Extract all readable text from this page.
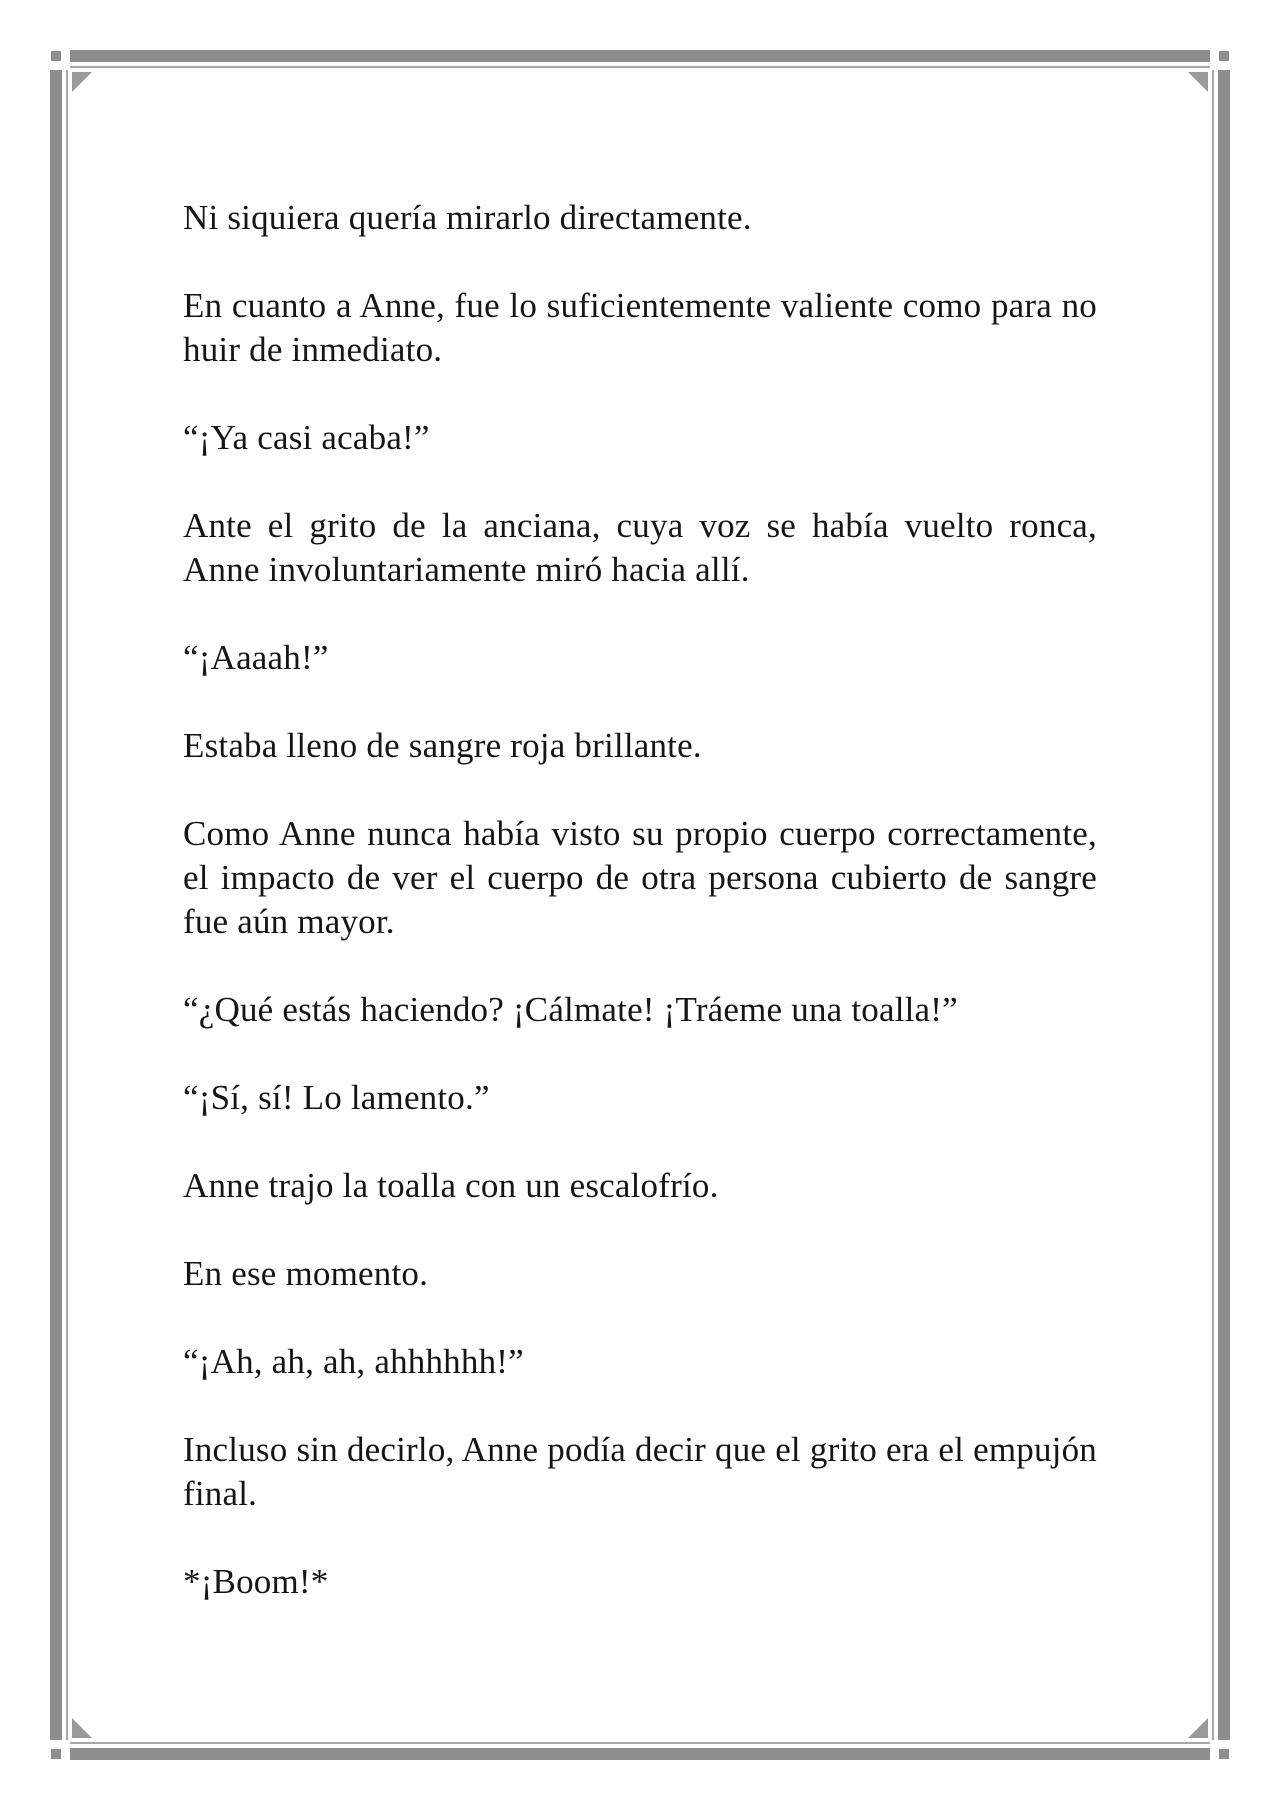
Ni siquiera quería mirarlo directamente.

En cuanto a Anne, fue lo suficientemente valiente como para no huir de inmediato.

“¡Ya casi acaba!”

Ante el grito de la anciana, cuya voz se había vuelto ronca, Anne involuntariamente miró hacia allí.

“¡Aaaah!”

Estaba lleno de sangre roja brillante.

Como Anne nunca había visto su propio cuerpo correctamente, el impacto de ver el cuerpo de otra persona cubierto de sangre fue aún mayor.

“¿Qué estás haciendo? ¡Cálmate! ¡Tráeme una toalla!”

“¡Sí, sí! Lo lamento.”

Anne trajo la toalla con un escalofrío.

En ese momento.

“¡Ah, ah, ah, ahhhhhh!”

Incluso sin decirlo, Anne podía decir que el grito era el empujón final.

*¡Boom!*
